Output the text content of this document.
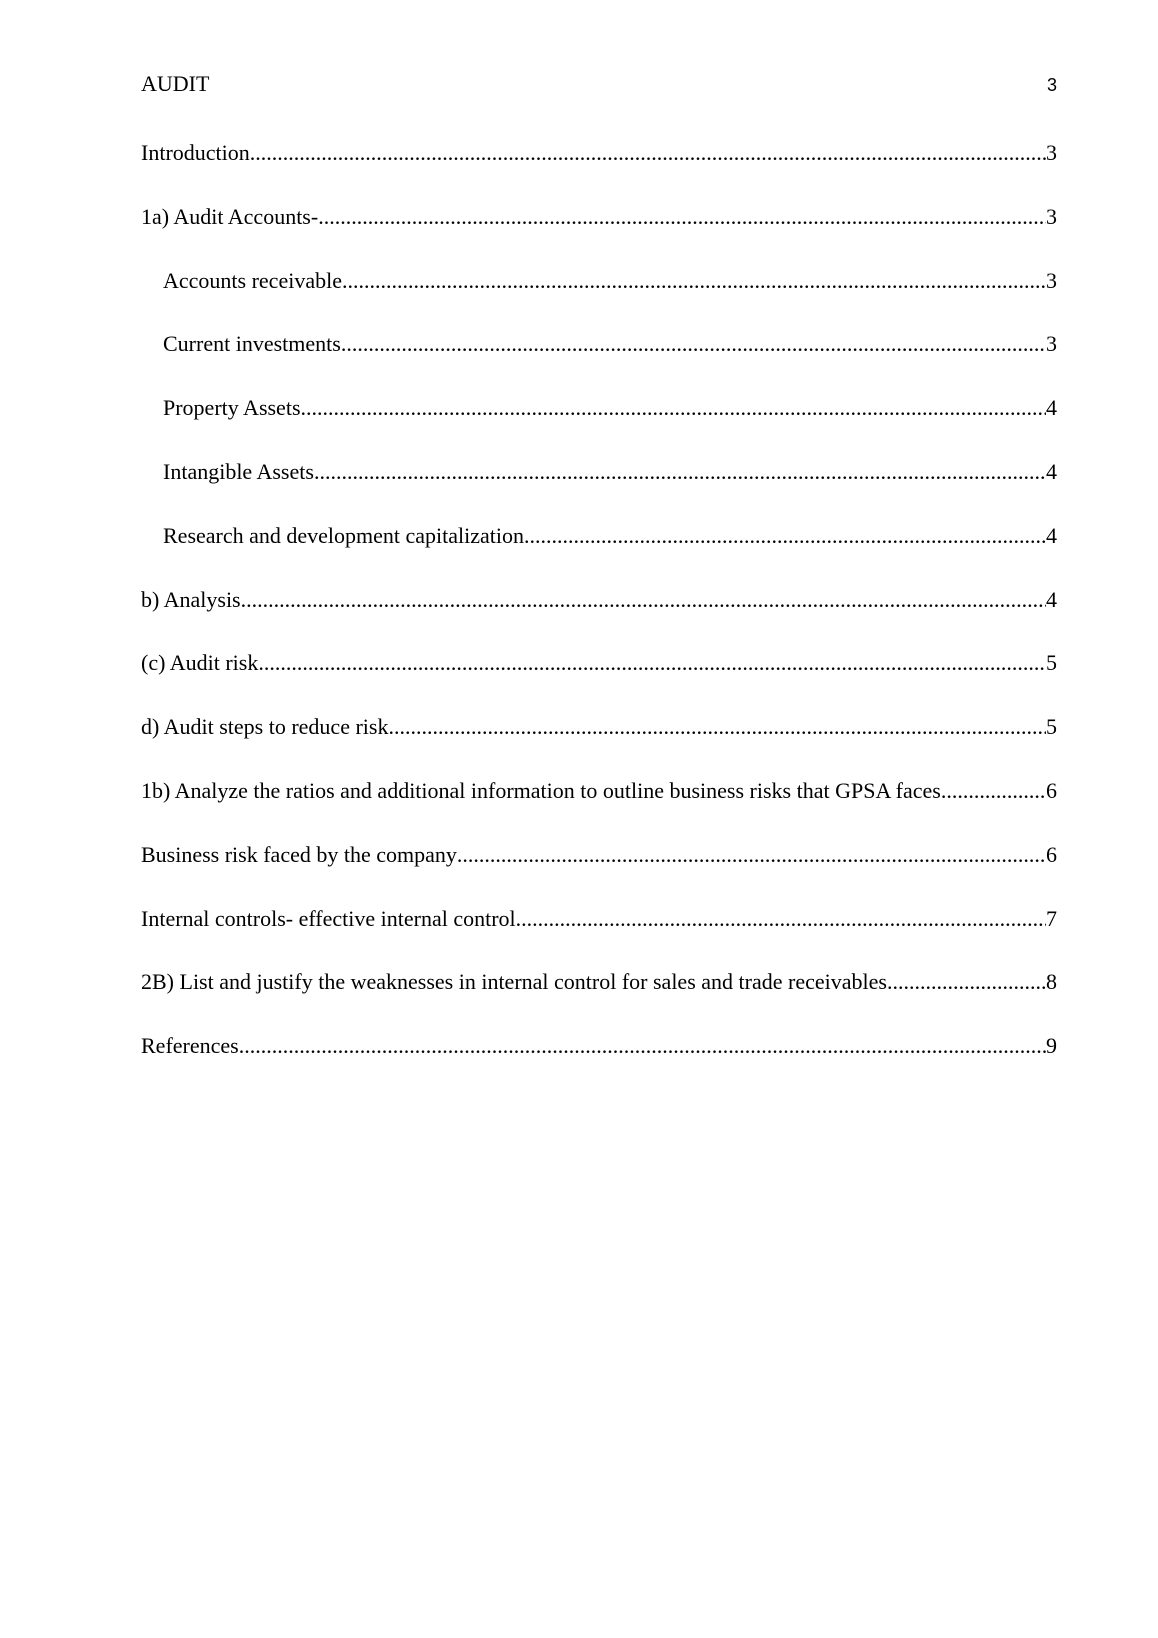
AUDIT	3
Introduction .....	3
1a) Audit Accounts- .....	3
Accounts receivable .....	3
Current investments .....	3
Property Assets .....	4
Intangible Assets .....	4
Research and development capitalization .....	4
b) Analysis .....	4
(c) Audit risk .....	5
d) Audit steps to reduce risk .....	5
1b) Analyze the ratios and additional information to outline business risks that GPSA faces .....	6
Business risk faced by the company .....	6
Internal controls- effective internal control .....	7
2B) List and justify the weaknesses in internal control for sales and trade receivables .....	8
References .....	9
